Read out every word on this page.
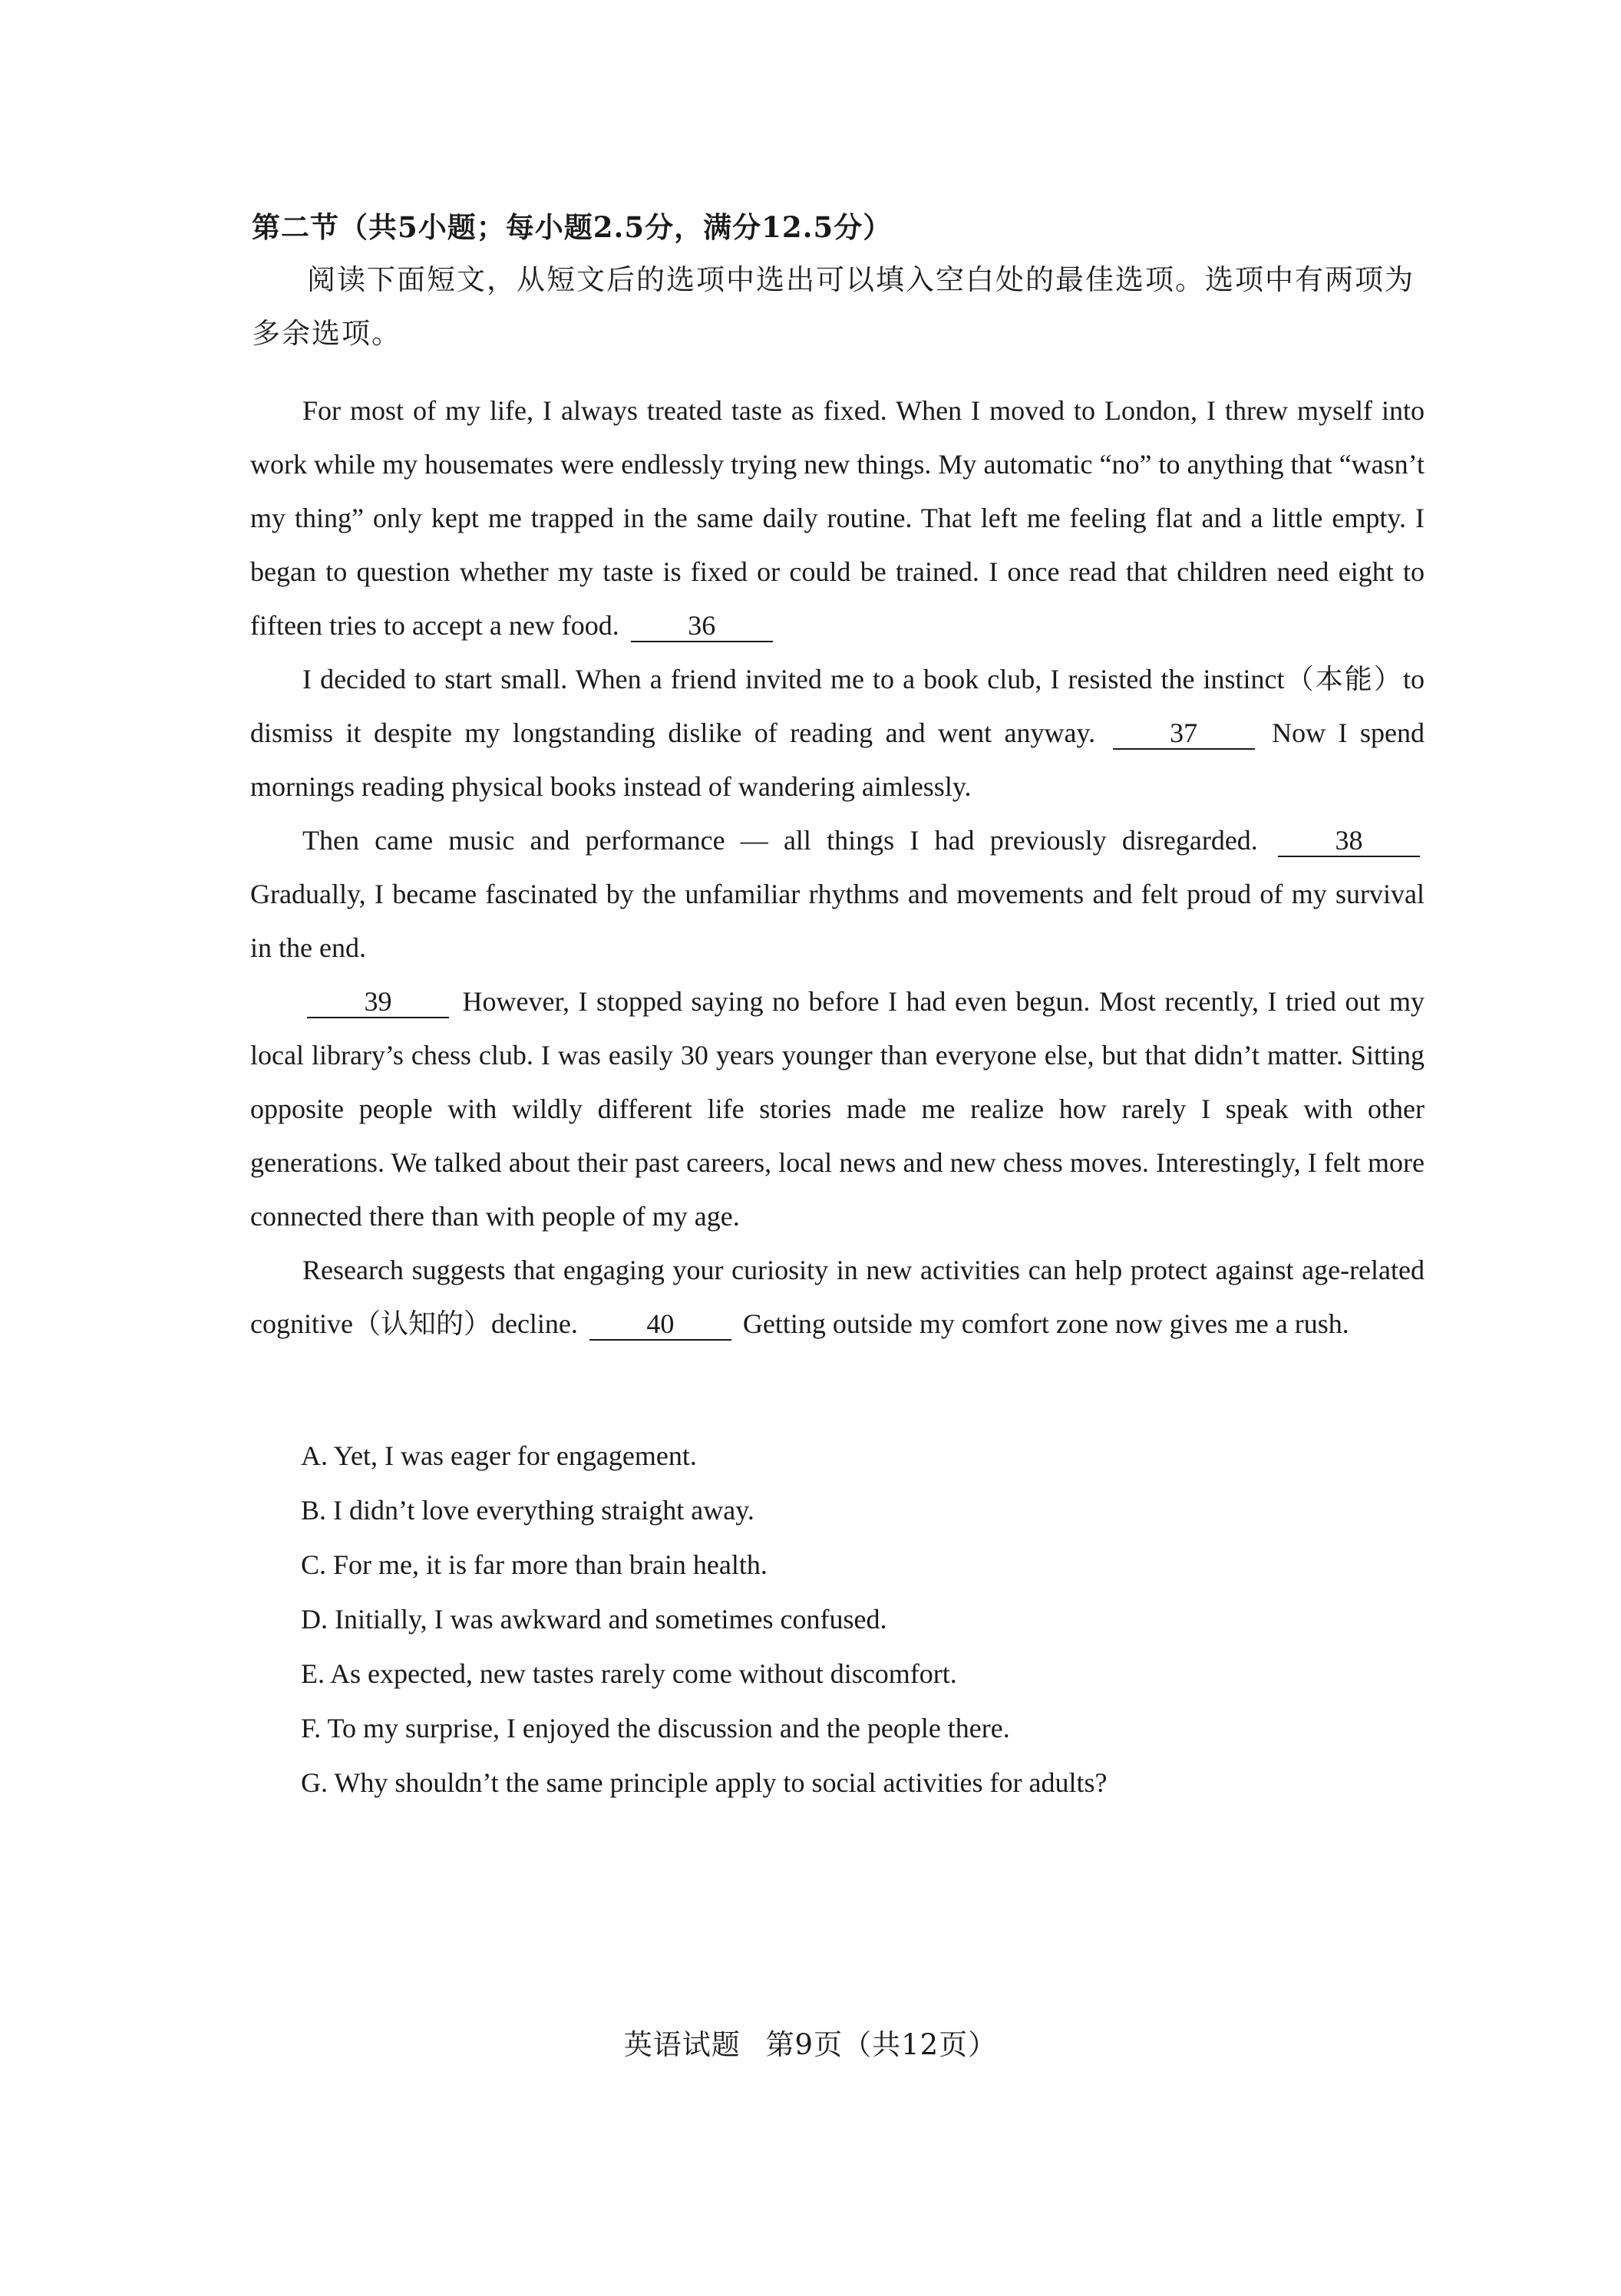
第二节（共5小题；每小题2.5分，满分12.5分）
阅读下面短文，从短文后的选项中选出可以填入空白处的最佳选项。选项中有两项为多余选项。

For most of my life, I always treated taste as fixed. When I moved to London, I threw myself into work while my housemates were endlessly trying new things. My automatic “no” to anything that “wasn’t my thing” only kept me trapped in the same daily routine. That left me feeling flat and a little empty. I began to question whether my taste is fixed or could be trained. I once read that children need eight to fifteen tries to accept a new food. 36

I decided to start small. When a friend invited me to a book club, I resisted the instinct（本能）to dismiss it despite my longstanding dislike of reading and went anyway.	37	Now I spend mornings reading physical books instead of wandering aimlessly.

Then came music and performance — all things I had previously disregarded.	38 Gradually, I became fascinated by the unfamiliar rhythms and movements and felt proud of my survival in the end.

39	However, I stopped saying no before I had even begun. Most recently, I tried out my local library’s chess club. I was easily 30 years younger than everyone else, but that didn’t matter. Sitting opposite people with wildly different life stories made me realize how rarely I speak with other generations. We talked about their past careers, local news and new chess moves. Interestingly, I felt more connected there than with people of my age.

Research suggests that engaging your curiosity in new activities can help protect against age-related cognitive（认知的）decline. 40 Getting outside my comfort zone now gives me a rush.

A. Yet, I was eager for engagement.
B. I didn’t love everything straight away.
C. For me, it is far more than brain health.
D. Initially, I was awkward and sometimes confused.
E. As expected, new tastes rarely come without discomfort.
F. To my surprise, I enjoyed the discussion and the people there.
G. Why shouldn’t the same principle apply to social activities for adults?
英语试题 第9页（共12页）
